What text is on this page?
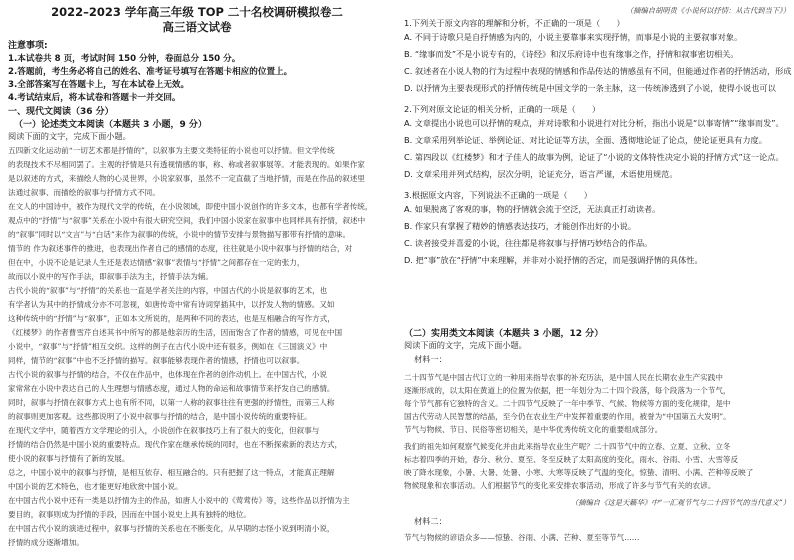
2022–2023 学年高三年级 TOP 二十名校调研模拟卷二
高三语文试卷
注意事项:
1.本试卷共 8 页，考试时间 150 分钟，卷面总分 150 分。
2.答题前，考生务必将自己的姓名、准考证号填写在答题卡相应的位置上。
3.全部答案写在答题卡上，写在本试卷上无效。
4.考试结束后，将本试卷和答题卡一并交回。
一、现代文阅读（36 分）
（一）论述类文本阅读（本题共 3 小题，9 分）
阅读下面的文字，完成下面小题。
五四新文化运动前“一切艺术都是抒情的”，以叙事为主要文类特征的小说也可以抒情。但文学传统
的表现技术不尽相同罢了。主观的抒情是只有透视情感的事，称、称或者叙事展等。才能表现的。如果作家
是以叙述的方式，来描绘人物的心灵世界，小说家叙事，虽然不一定直截了当地抒情，而是在作品的叙述里
法通过叙事、而描绘的叙事与抒情方式不同。
在文人的中国诗中，被作为现代文学的传统，在小说领域，即使中国小说创作的许多文本，也都有学者传统，
观点中的“抒情”与“叙事”关系在小说中有很大研究空间，我们中国小说家在叙事中也同样具有抒情，叙述中
的“叙事”同时以“文言”与“白话”来作为叙事的传统，小说中的情节安排与景物描写都带有抒情的意味。
情节的 作为叙述事件的推进，也表现出作者自己的感情的态度，往往就是小说中叙事与抒情的结合，对
但在中，小说不论是记录人生还是表达情感“叙事”表情与“抒情”之间都存在一定的张力，
故而以小说中的写作手法，即叙事手法为主，抒情手法为辅。
古代小说的“叙事”与“抒情”的关系也一直是学者关注的内容，中国古代的小说是叙事的艺术，也
有学者认为其中的抒情成分亦不可忽视，如唐传奇中常有诗词穿插其中，以抒发人物的情感。又如
这种传统中的“抒情”与“叙事”，正如本文所说的，是两种不同的表达，也是互相融合的写作方式，
《红楼梦》的作者曹雪芹自述其书中所写的都是他亲历的生活，因而饱含了作者的情感，可见在中国
小说中，“叙事”与“抒情”相互交织。这样的例子在古代小说中还有很多，例如在《三国演义》中
同样，情节的“叙事”中也不乏抒情的描写。叙事能够表现作者的情感，抒情也可以叙事。
古代小说的叙事与抒情的结合，不仅在作品中，也体现在作者的创作动机上。在中国古代，小说
家常常在小说中表达自己的人生理想与情感态度，通过人物的命运和故事情节来抒发自己的感情。
同时，叙事与抒情在叙事方式上也有所不同，以第一人称的叙事往往有更强的抒情性，而第三人称
的叙事则更加客观。这些都说明了小说中叙事与抒情的结合，是中国小说传统的重要特征。
在现代文学中，随着西方文学理论的引入，小说创作在叙事技巧上有了很大的变化，但叙事与
抒情的结合仍然是中国小说的重要特点。现代作家在继承传统的同时，也在不断探索新的表达方式，
使小说的叙事与抒情有了新的发展。
总之，中国小说中的叙事与抒情，是相互依存、相互融合的。只有把握了这一特点，才能真正理解
中国小说的艺术特色，也才能更好地欣赏中国小说。
在中国古代小说中还有一类是以抒情为主的作品，如唐人小说中的《莺莺传》等，这些作品以抒情为主
要目的，叙事则成为抒情的手段，因而在中国小说史上具有独特的地位。
在中国古代小说的演进过程中，叙事与抒情的关系也在不断变化，从早期的志怪小说到明清小说，
抒情的成分逐渐增加。
（摘编自胡明贵《小说何以抒情：从古代到当下》）
1.下列关于原文内容的理解和分析，不正确的一项是（　　）
A. 不同于诗歌只是自抒情感为内的，小说主要靠事来实现抒情，而事是小说的主要叙事对象。
B. “缘事而发”不是小说专有的，《诗经》和汉乐府诗中也有缘事之作，抒情和叙事密切相关。
C. 叙述者在小说人物的行为过程中表现的情感和作品传达的情感虽有不同，但能通过作者的抒情活动，形成
D. 以抒情为主要表现形式的抒情传统是中国文学的一条主脉，这一传统渗透到了小说，使得小说也可以
2.下列对原文论证的相关分析，正确的一项是（　　）
A. 文章提出小说也可以抒情的观点，并对诗歌和小说进行对比分析，指出小说是“以事寄情”“缘事而发”。
B. 文章采用列举论证、举例论证、对比论证等方法，全面、透彻地论证了论点，使论证更具有力度。
C. 第四段以《红楼梦》和才子佳人的故事为例，论证了“小说的文体特性决定小说的抒情方式”这一论点。
D. 文章采用并列式结构，层次分明，论证充分，语言严谨，术语使用规范。
3.根据原文内容，下列说法不正确的一项是（　　）
A. 如果脱离了客观的事，物的抒情就会流于空泛，无法真正打动读者。
B. 作家只有掌握了精妙的情感表达技巧，才能创作出好的小说。
C. 读者接受并喜爱的小说，往往都是将叙事与抒情巧妙结合的作品。
D. 把“事”放在“抒情”中来理解，并非对小说抒情的否定，而是强调抒情的具体性。
（二）实用类文本阅读（本题共 3 小题，12 分）
阅读下面的文字，完成下面小题。
材料一：
二十四节气是中国古代订立的一种用来指导农事的补充历法，是中国人民在长期农业生产实践中
逐渐形成的，以太阳在黄道上的位置为依据，把一年划分为二十四个段落，每个段落为一个节气，
每个节气都有它独特的含义。二十四节气反映了一年中季节、气候、物候等方面的变化规律，是中
国古代劳动人民智慧的结晶，至今仍在农业生产中发挥着重要的作用，被誉为“中国第五大发明”。
节气与物候、节日、民俗等密切相关，是中华优秀传统文化的重要组成部分。
我们的祖先如何观察气候变化并由此来指导农业生产呢？二十四节气中的立春、立夏、立秋、立冬
标志着四季的开始，春分、秋分、夏至、冬至反映了太阳高度的变化，雨水、谷雨、小雪、大雪等反
映了降水现象，小暑、大暑、处暑、小寒、大寒等反映了气温的变化，惊蛰、清明、小满、芒种等反映了
物候现象和农事活动。人们根据节气的变化来安排农事活动，形成了许多与节气有关的农谚。
（摘编自《这是天籁华》中“一汇观节气与二十四节气的当代意义”）
材料二：
节气与物候的谚语众多——惊蛰、谷雨、小满、芒种、夏至等节气……
